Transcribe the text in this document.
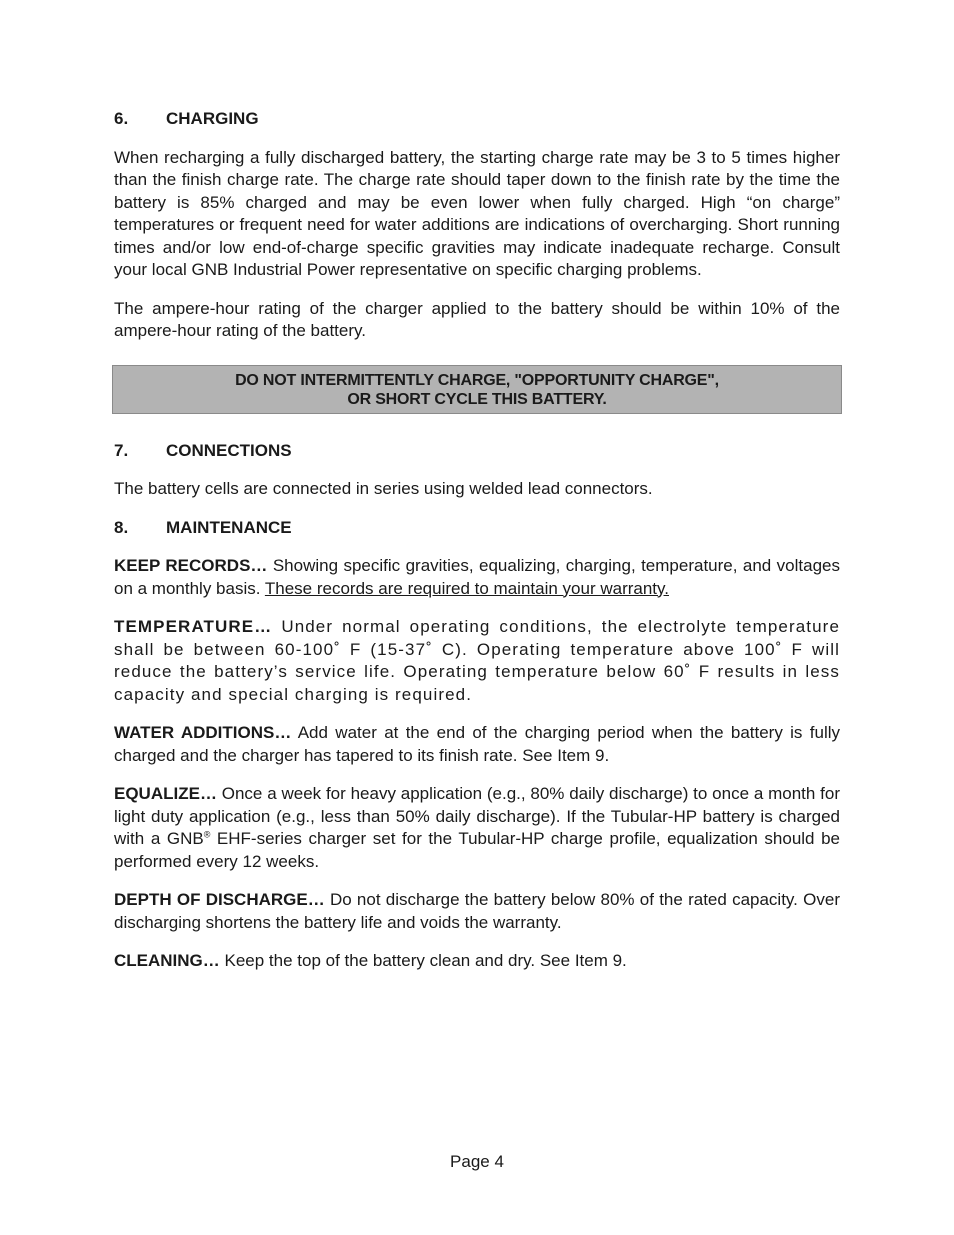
6.	CHARGING

When recharging a fully discharged battery, the starting charge rate may be 3 to 5 times higher than the finish charge rate. The charge rate should taper down to the finish rate by the time the battery is 85% charged and may be even lower when fully charged. High “on charge” temperatures or frequent need for water additions are indications of overcharging. Short running times and/or low end-of-charge specific gravities may indicate inadequate recharge. Consult your local GNB Industrial Power representative on specific charging problems.

The ampere-hour rating of the charger applied to the battery should be within 10% of the ampere-hour rating of the battery.

DO NOT INTERMITTENTLY CHARGE, "OPPORTUNITY CHARGE",
OR SHORT CYCLE THIS BATTERY.
7.	CONNECTIONS

The battery cells are connected in series using welded lead connectors.

8.	MAINTENANCE

KEEP RECORDS… Showing specific gravities, equalizing, charging, temperature, and voltages on a monthly basis. These records are required to maintain your warranty.

TEMPERATURE… Under normal operating conditions, the electrolyte temperature shall be between 60-100˚ F (15-37˚ C). Operating temperature above 100˚ F will reduce the battery’s service life. Operating temperature below 60˚ F results in less capacity and special charging is required.

WATER ADDITIONS… Add water at the end of the charging period when the battery is fully charged and the charger has tapered to its finish rate. See Item 9.

EQUALIZE… Once a week for heavy application (e.g., 80% daily discharge) to once a month for light duty application (e.g., less than 50% daily discharge). If the Tubular-HP battery is charged with a GNB® EHF-series charger set for the Tubular-HP charge profile, equalization should be performed every 12 weeks.

DEPTH OF DISCHARGE… Do not discharge the battery below 80% of the rated capacity. Over discharging shortens the battery life and voids the warranty.

CLEANING… Keep the top of the battery clean and dry. See Item 9.

Page 4
